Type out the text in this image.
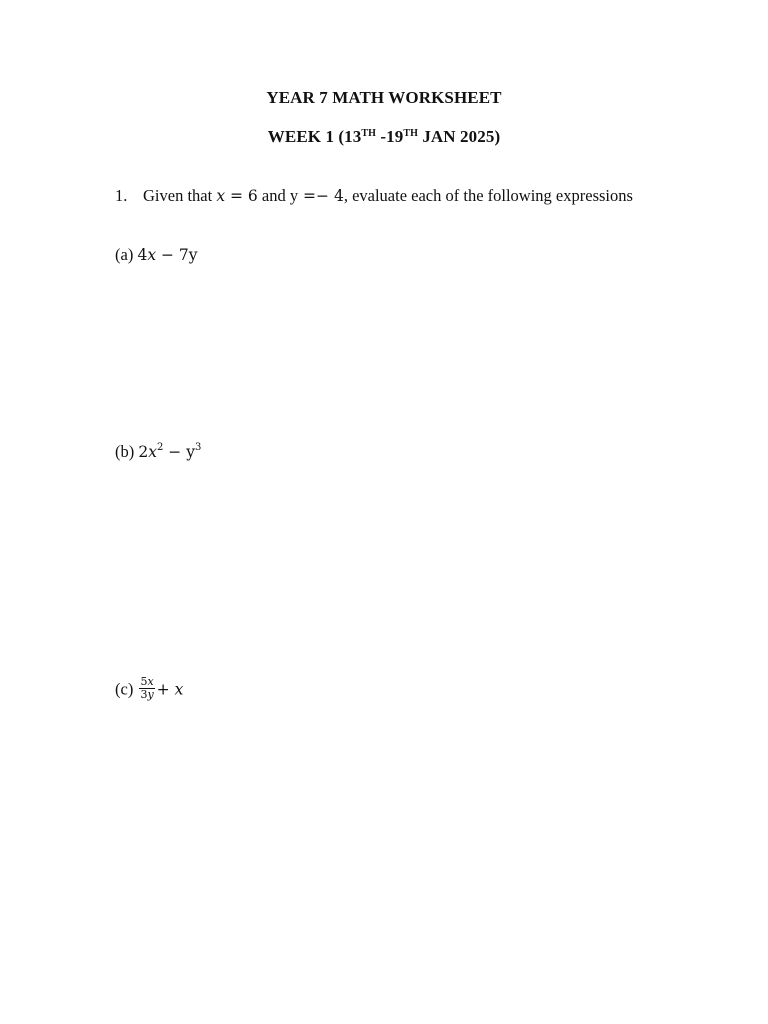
YEAR 7 MATH WORKSHEET
WEEK 1 (13TH -19TH JAN 2025)
1. Given that x = 6 and y =− 4, evaluate each of the following expressions
(a) 4x − 7y
(b) $2x^2 - y^3$
$(c) \frac{5x}{3y} + x$
